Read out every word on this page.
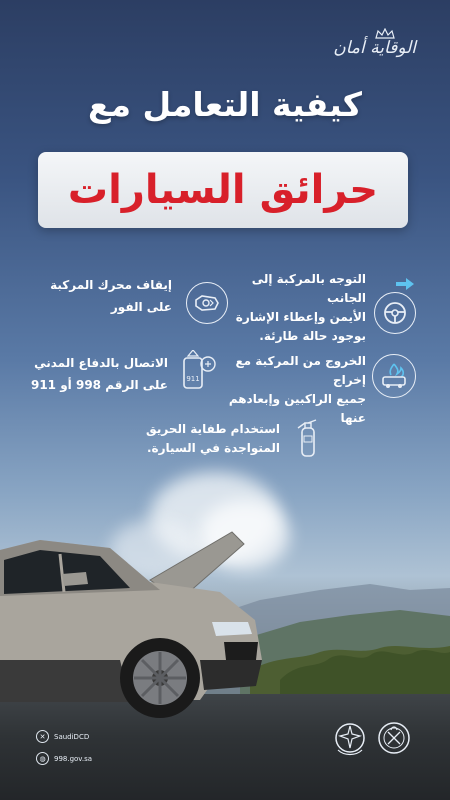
الوقاية أمان
كيفية التعامل مع
حرائق السيارات
التوجه بالمركبة إلى الجانب
الأيمن وإعطاء الإشارة
بوجود حالة طارئة.
إيقاف محرك المركبة
على الفور
الخروج من المركبة مع إخراج
جميع الراكبين وإبعادهم عنها
911
الاتصال بالدفاع المدني
على الرقم 998 أو 911
استخدام طفاية الحريق
المتواجدة في السيارة.
✕	SaudiDCD
◍	998.gov.sa
